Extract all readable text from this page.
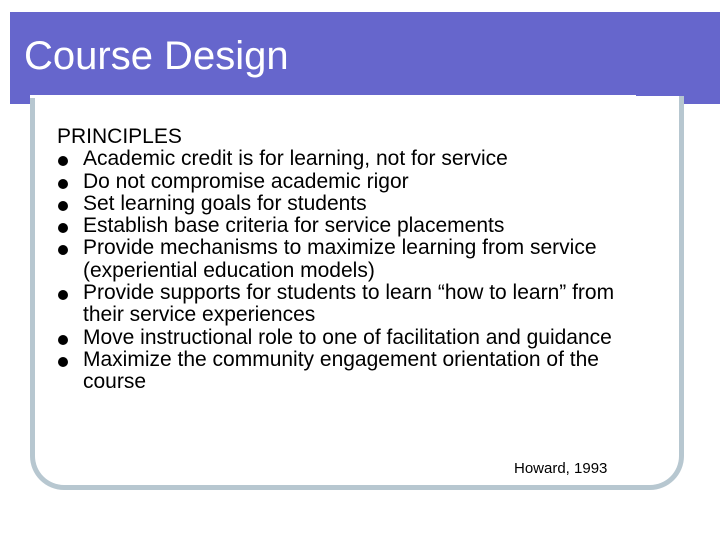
Course Design

PRINCIPLES

Academic credit is for learning, not for service
Do not compromise academic rigor
Set learning goals for students
Establish base criteria for service placements
Provide mechanisms to maximize learning from service (experiential education models)
Provide supports for students to learn “how to learn” from their service experiences
Move instructional role to one of facilitation and guidance
Maximize the community engagement orientation of the course
Howard, 1993
